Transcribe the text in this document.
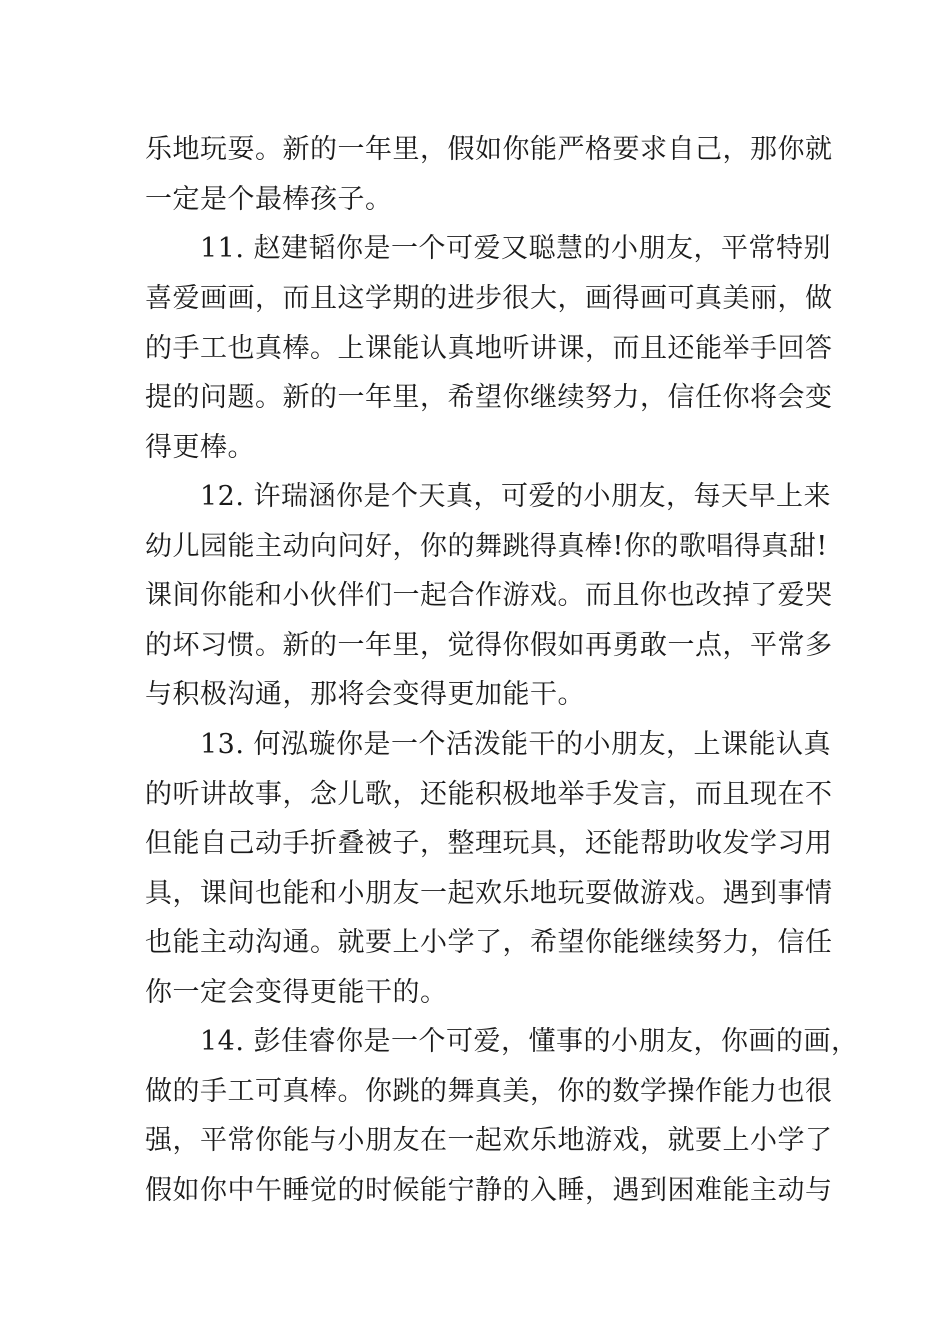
乐地玩耍。新的一年里，假如你能严格要求自己，那你就
一定是个最棒孩子。
11. 赵建韬你是一个可爱又聪慧的小朋友，平常特别
喜爱画画，而且这学期的进步很大，画得画可真美丽，做
的手工也真棒。上课能认真地听讲课，而且还能举手回答
提的问题。新的一年里，希望你继续努力，信任你将会变
得更棒。
12. 许瑞涵你是个天真，可爱的小朋友，每天早上来
幼儿园能主动向问好，你的舞跳得真棒!你的歌唱得真甜!
课间你能和小伙伴们一起合作游戏。而且你也改掉了爱哭
的坏习惯。新的一年里，觉得你假如再勇敢一点，平常多
与积极沟通，那将会变得更加能干。
13. 何泓璇你是一个活泼能干的小朋友，上课能认真
的听讲故事，念儿歌，还能积极地举手发言，而且现在不
但能自己动手折叠被子，整理玩具，还能帮助收发学习用
具，课间也能和小朋友一起欢乐地玩耍做游戏。遇到事情
也能主动沟通。就要上小学了，希望你能继续努力，信任
你一定会变得更能干的。
14. 彭佳睿你是一个可爱，懂事的小朋友，你画的画，
做的手工可真棒。你跳的舞真美，你的数学操作能力也很
强，平常你能与小朋友在一起欢乐地游戏，就要上小学了
假如你中午睡觉的时候能宁静的入睡，遇到困难能主动与
